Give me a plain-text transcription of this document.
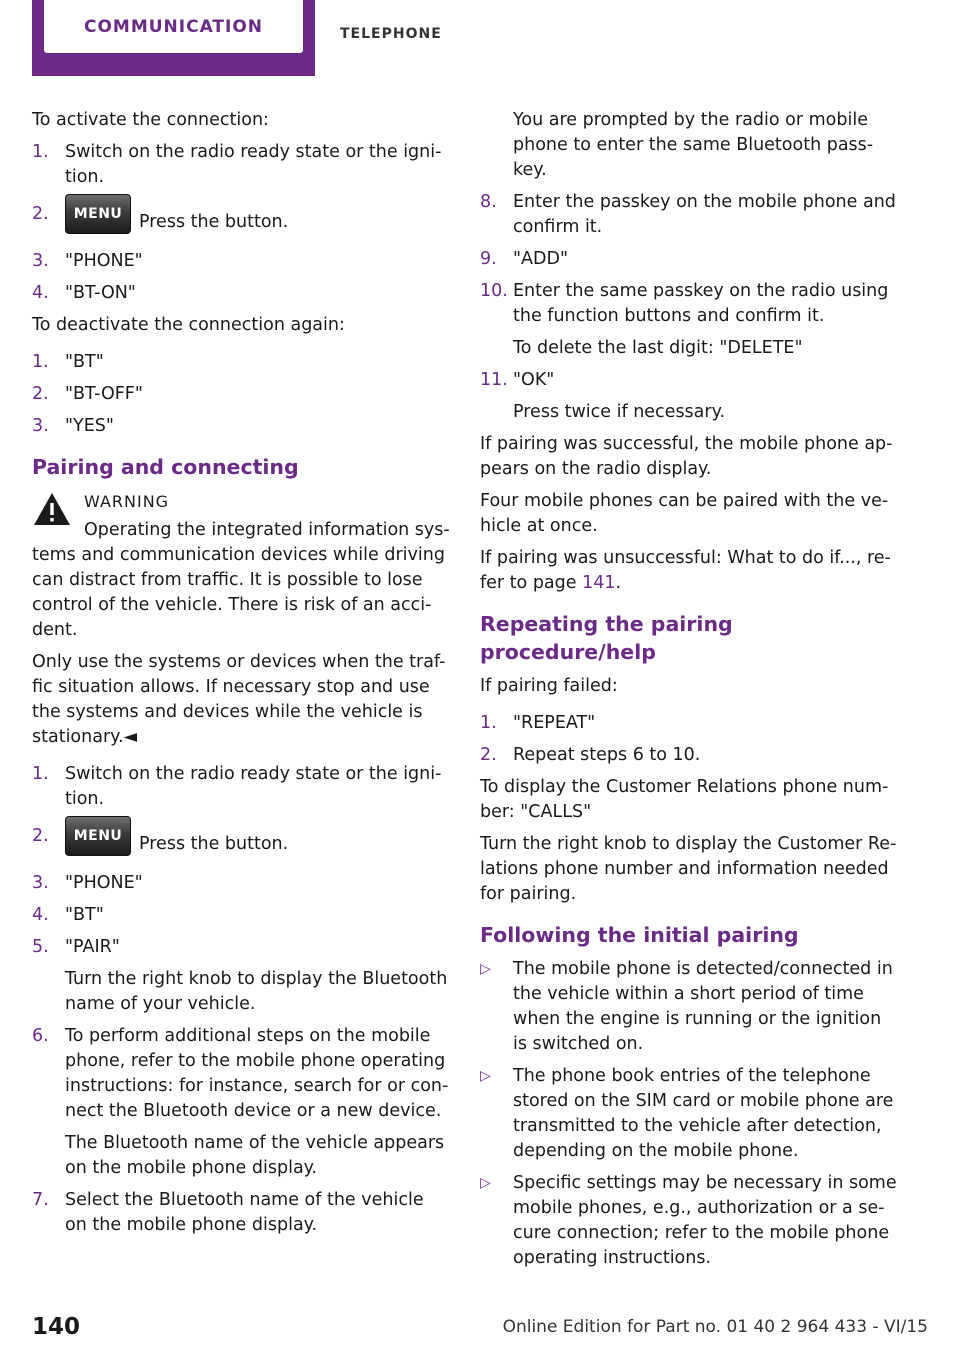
COMMUNICATION	TELEPHONE

To activate the connection:

1. Switch on the radio ready state or the igni-tion.
2.	MENU Press the button.
3. "PHONE"
4. "BT-ON"

To deactivate the connection again:

1. "BT"
2. "BT-OFF"
3. "YES"
Pairing and connecting
WARNING
Operating the integrated information sys-

tems and communication devices while driving can distract from traffic. It is possible to lose control of the vehicle. There is risk of an acci-dent.

Only use the systems or devices when the traf-fic situation allows. If necessary stop and use the systems and devices while the vehicle is stationary.◄

1. Switch on the radio ready state or the igni-tion.
2.	MENU Press the button.
3. "PHONE"
4. "BT"
5. "PAIR"
Turn the right knob to display the Bluetooth name of your vehicle.
6. To perform additional steps on the mobile phone, refer to the mobile phone operating instructions: for instance, search for or con-nect the Bluetooth device or a new device.
The Bluetooth name of the vehicle appears on the mobile phone display.
7. Select the Bluetooth name of the vehicle on the mobile phone display.
You are prompted by the radio or mobile phone to enter the same Bluetooth pass-key.
8. Enter the passkey on the mobile phone and confirm it.
9. "ADD"
10. Enter the same passkey on the radio using the function buttons and confirm it.
To delete the last digit: "DELETE"
11. "OK"
Press twice if necessary.

If pairing was successful, the mobile phone ap-pears on the radio display.

Four mobile phones can be paired with the ve-hicle at once.

If pairing was unsuccessful: What to do if..., re-fer to page 141.

Repeating the pairing procedure/help

If pairing failed:

1. "REPEAT"
2. Repeat steps 6 to 10.

To display the Customer Relations phone num-ber: "CALLS"

Turn the right knob to display the Customer Re-lations phone number and information needed for pairing.

Following the initial pairing
▷	The mobile phone is detected/connected in the vehicle within a short period of time when the engine is running or the ignition is switched on.
▷	The phone book entries of the telephone stored on the SIM card or mobile phone are transmitted to the vehicle after detection, depending on the mobile phone.
▷	Specific settings may be necessary in some mobile phones, e.g., authorization or a se-cure connection; refer to the mobile phone operating instructions.
140	Online Edition for Part no. 01 40 2 964 433 - VI/15
